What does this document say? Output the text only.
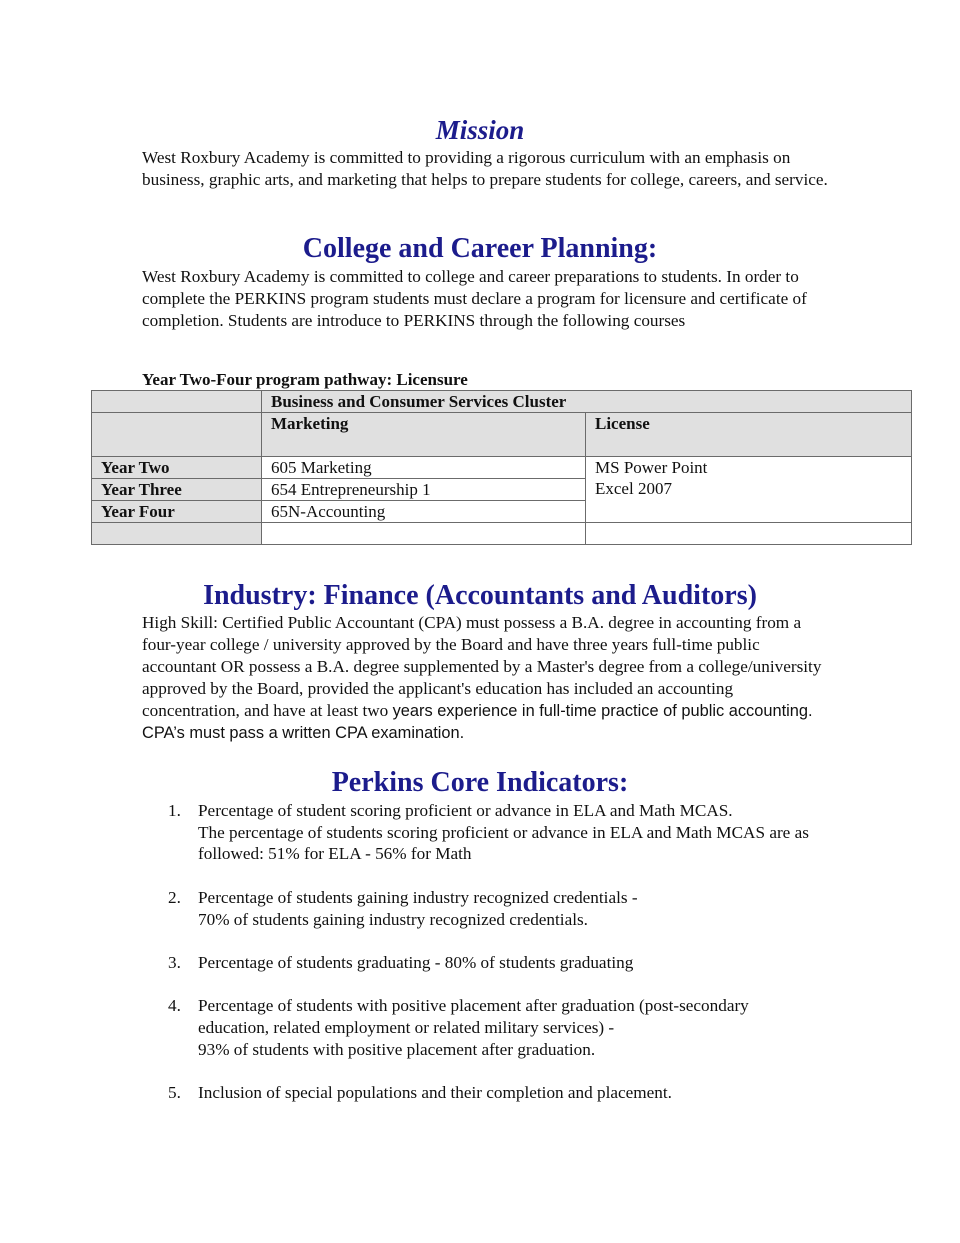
Mission

West Roxbury Academy is committed to providing a rigorous curriculum with an emphasis on business, graphic arts, and marketing that helps to prepare students for college, careers, and service.

College and Career Planning:

West Roxbury Academy is committed to college and career preparations to students. In order to complete the PERKINS program students must declare a program for licensure and certificate of completion. Students are introduce to PERKINS through the following courses

Year Two-Four program pathway: Licensure

	Business and Consumer Services Cluster	
	Marketing	License
Year Two	605 Marketing	MS Power Point
Excel 2007

Year Three	654 Entrepreneurship 1	
Year Four	65N-Accounting	

Industry: Finance (Accountants and Auditors)

High Skill: Certified Public Accountant (CPA) must possess a B.A. degree in accounting from a four-year college / university approved by the Board and have three years full-time public accountant OR possess a B.A. degree supplemented by a Master's degree from a college/university approved by the Board, provided the applicant's education has included an accounting concentration, and have at least two years experience in full-time practice of public accounting. CPA’s must pass a written CPA examination.

Perkins Core Indicators:
1. Percentage of student scoring proficient or advance in ELA and Math MCAS.
The percentage of students scoring proficient or advance in ELA and Math MCAS are as followed: 51% for ELA - 56% for Math
2. Percentage of students gaining industry recognized credentials -
70% of students gaining industry recognized credentials.
3. Percentage of students graduating - 80% of students graduating
4. Percentage of students with positive placement after graduation (post-secondary education, related employment or related military services) -
93% of students with positive placement after graduation.
5. Inclusion of special populations and their completion and placement.
